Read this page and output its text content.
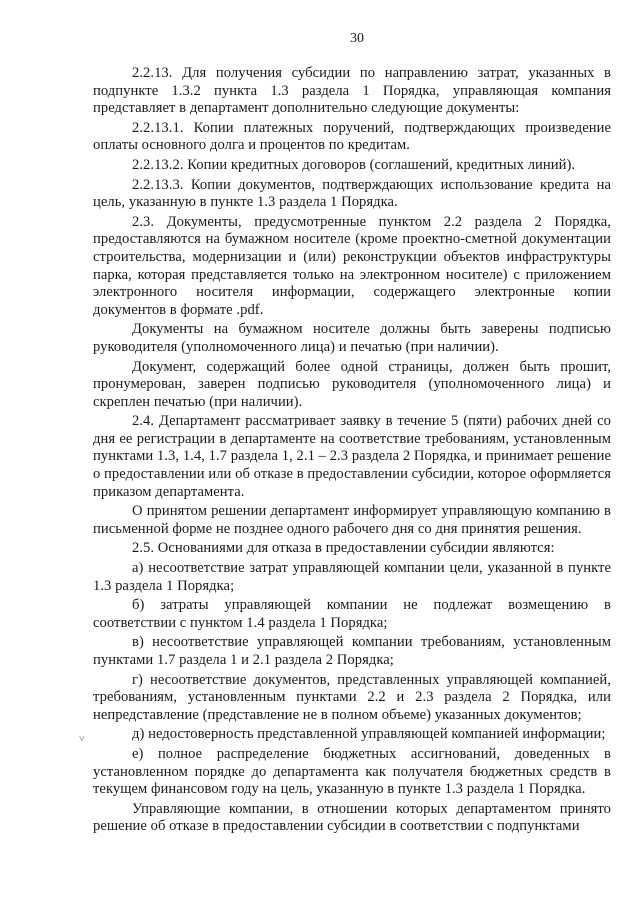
30

2.2.13. Для получения субсидии по направлению затрат, указанных в подпункте 1.3.2 пункта 1.3 раздела 1 Порядка, управляющая компания представляет в департамент дополнительно следующие документы:

2.2.13.1. Копии платежных поручений, подтверждающих произведение оплаты основного долга и процентов по кредитам.

2.2.13.2. Копии кредитных договоров (соглашений, кредитных линий).

2.2.13.3. Копии документов, подтверждающих использование кредита на цель, указанную в пункте 1.3 раздела 1 Порядка.

2.3. Документы, предусмотренные пунктом 2.2 раздела 2 Порядка, предоставляются на бумажном носителе (кроме проектно-сметной документации строительства, модернизации и (или) реконструкции объектов инфраструктуры парка, которая представляется только на электронном носителе) с приложением электронного носителя информации, содержащего электронные копии документов в формате .pdf.

Документы на бумажном носителе должны быть заверены подписью руководителя (уполномоченного лица) и печатью (при наличии).

Документ, содержащий более одной страницы, должен быть прошит, пронумерован, заверен подписью руководителя (уполномоченного лица) и скреплен печатью (при наличии).

2.4. Департамент рассматривает заявку в течение 5 (пяти) рабочих дней со дня ее регистрации в департаменте на соответствие требованиям, установленным пунктами 1.3, 1.4, 1.7 раздела 1, 2.1 – 2.3 раздела 2 Порядка, и принимает решение о предоставлении или об отказе в предоставлении субсидии, которое оформляется приказом департамента.

О принятом решении департамент информирует управляющую компанию в письменной форме не позднее одного рабочего дня со дня принятия решения.

2.5. Основаниями для отказа в предоставлении субсидии являются:

а) несоответствие затрат управляющей компании цели, указанной в пункте 1.3 раздела 1 Порядка;

б) затраты управляющей компании не подлежат возмещению в соответствии с пунктом 1.4 раздела 1 Порядка;

в) несоответствие управляющей компании требованиям, установленным пунктами 1.7 раздела 1 и 2.1 раздела 2 Порядка;

г) несоответствие документов, представленных управляющей компанией, требованиям, установленным пунктами 2.2 и 2.3 раздела 2 Порядка, или непредставление (представление не в полном объеме) указанных документов;

д) недостоверность представленной управляющей компанией информации;

е) полное распределение бюджетных ассигнований, доведенных в установленном порядке до департамента как получателя бюджетных средств в текущем финансовом году на цель, указанную в пункте 1.3 раздела 1 Порядка.

Управляющие компании, в отношении которых департаментом принято решение об отказе в предоставлении субсидии в соответствии с подпунктами

˅
